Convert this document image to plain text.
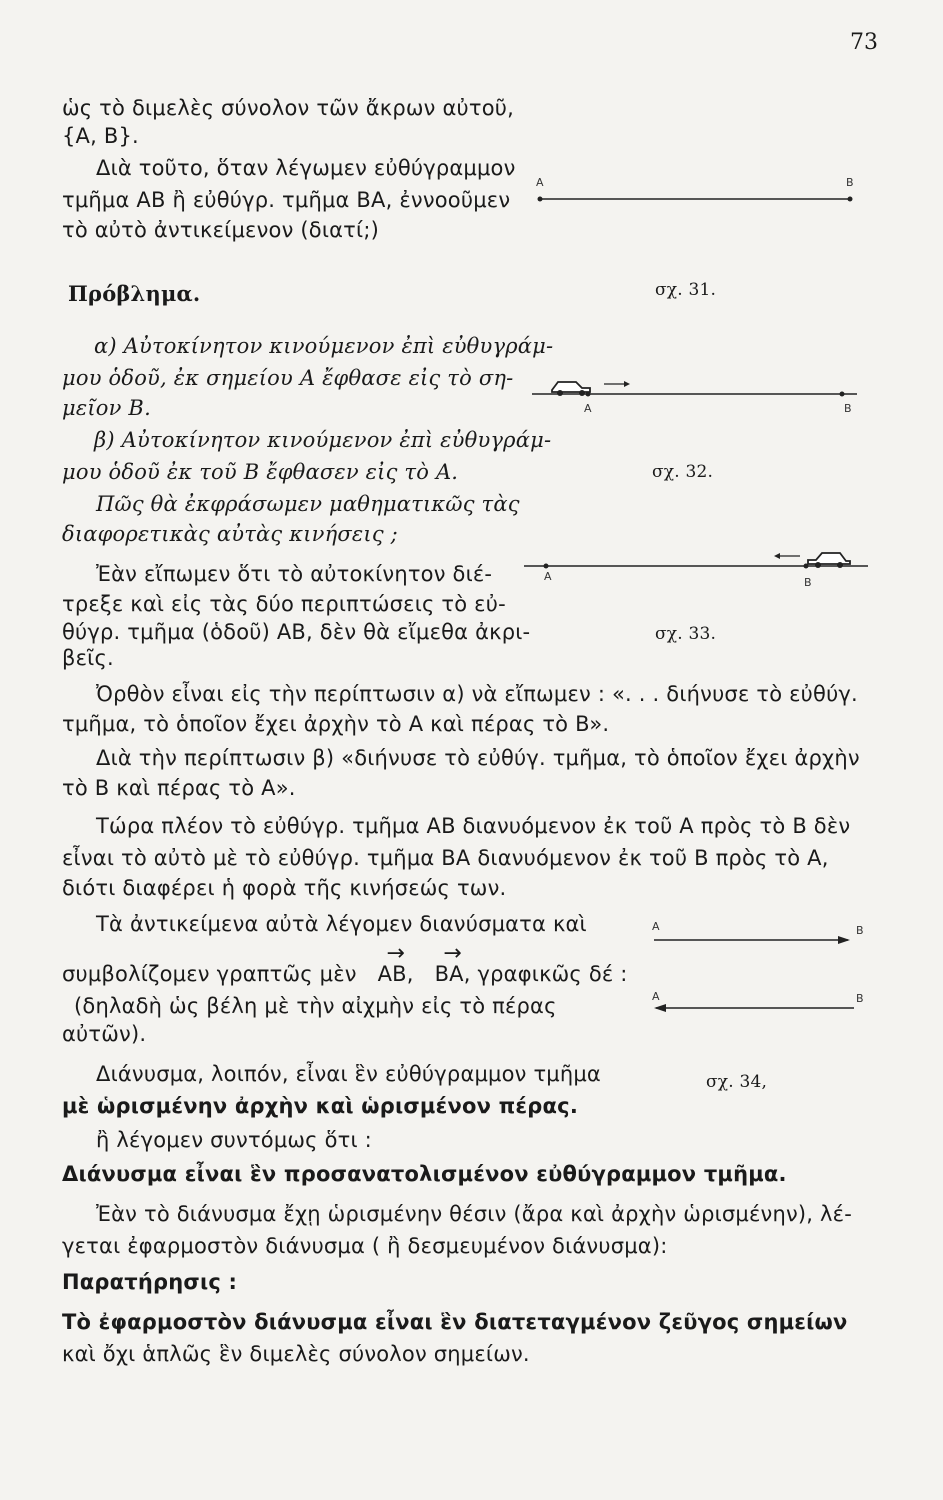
73
ὡς τὸ διμελὲς σύνολον τῶν ἄκρων αὐτοῦ,
{A, B}.
Διὰ τοῦτο, ὅταν λέγωμεν εὐθύγραμμον
τμῆμα AB ἢ εὐθύγρ. τμῆμα BA, ἐννοοῦμεν
τὸ αὐτὸ ἀντικείμενον (διατί;)
A	B
Πρόβλημα.	σχ. 31.
α) Αὐτοκίνητον κινούμενον ἐπὶ εὐθυγράμ-
μου ὁδοῦ, ἐκ σημείου A ἔφθασε εἰς τὸ ση-
μεῖον B.	A	B
β) Αὐτοκίνητον κινούμενον ἐπὶ εὐθυγράμ-
μου ὁδοῦ ἐκ τοῦ B ἔφθασεν εἰς τὸ A.	σχ. 32.
Πῶς θὰ ἐκφράσωμεν μαθηματικῶς τὰς
διαφορετικὰς αὐτὰς κινήσεις ;
A	B
Ἐὰν εἴπωμεν ὅτι τὸ αὐτοκίνητον διέ-
τρεξε καὶ εἰς τὰς δύο περιπτώσεις τὸ εὐ-
θύγρ. τμῆμα (ὁδοῦ) AB, δὲν θὰ εἴμεθα ἀκρι-	σχ. 33.
βεῖς.
Ὀρθὸν εἶναι εἰς τὴν περίπτωσιν α) νὰ εἴπωμεν : «. . . διήνυσε τὸ εὐθύγ.
τμῆμα, τὸ ὁποῖον ἔχει ἀρχὴν τὸ A καὶ πέρας τὸ B».
Διὰ τὴν περίπτωσιν β) «διήνυσε τὸ εὐθύγ. τμῆμα, τὸ ὁποῖον ἔχει ἀρχὴν
τὸ B καὶ πέρας τὸ A».
Τώρα πλέον τὸ εὐθύγρ. τμῆμα AB διανυόμενον ἐκ τοῦ A πρὸς τὸ B δὲν
εἶναι τὸ αὐτὸ μὲ τὸ εὐθύγρ. τμῆμα BA διανυόμενον ἐκ τοῦ B πρὸς τὸ A,
διότι διαφέρει ἡ φορὰ τῆς κινήσεώς των.
Τὰ ἀντικείμενα αὐτὰ λέγομεν διανύσματα καὶ	A	B
συμβολίζομεν γραπτῶς μὲν → AB, → BA, γραφικῶς δέ :
A	B
(δηλαδὴ ὡς βέλη μὲ τὴν αἰχμὴν εἰς τὸ πέρας
αὐτῶν).
Διάνυσμα, λοιπόν, εἶναι ἓν εὐθύγραμμον τμῆμα	σχ. 34,
μὲ ὡρισμένην ἀρχὴν καὶ ὡρισμένον πέρας.
ἢ λέγομεν συντόμως ὅτι :
Διάνυσμα εἶναι ἓν προσανατολισμένον εὐθύγραμμον τμῆμα.
Ἐὰν τὸ διάνυσμα ἔχῃ ὡρισμένην θέσιν (ἄρα καὶ ἀρχὴν ὡρισμένην), λέ-
γεται ἐφαρμοστὸν διάνυσμα ( ἢ δεσμευμένον διάνυσμα):
Παρατήρησις :
Τὸ ἐφαρμοστὸν διάνυσμα εἶναι ἓν διατεταγμένον ζεῦγος σημείων
καὶ ὄχι ἁπλῶς ἓν διμελὲς σύνολον σημείων.
